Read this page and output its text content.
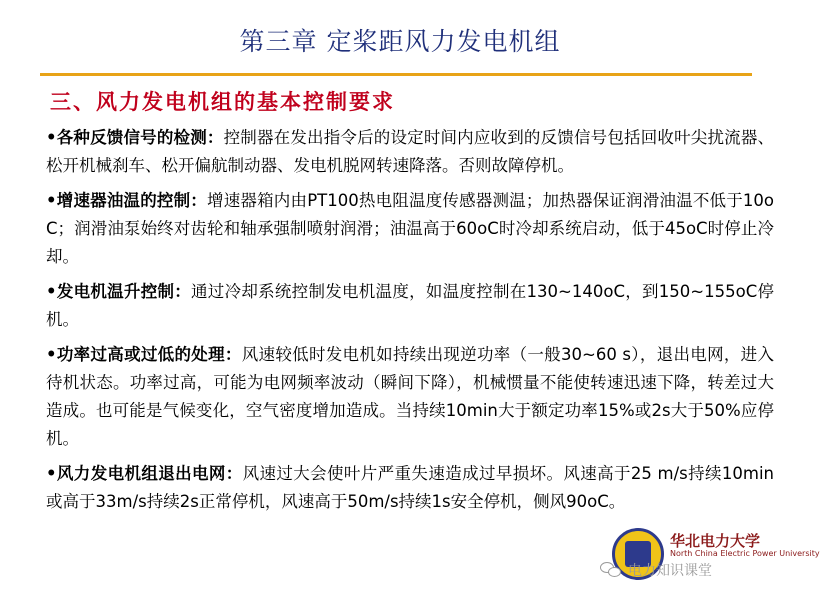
第三章 定桨距风力发电机组
三、风力发电机组的基本控制要求
•各种反馈信号的检测：控制器在发出指令后的设定时间内应收到的反馈信号包括回收叶尖扰流器、松开机械刹车、松开偏航制动器、发电机脱网转速降落。否则故障停机。
•增速器油温的控制：增速器箱内由PT100热电阻温度传感器测温；加热器保证润滑油温不低于10oC；润滑油泵始终对齿轮和轴承强制喷射润滑；油温高于60oC时冷却系统启动，低于45oC时停止冷却。
•发电机温升控制：通过冷却系统控制发电机温度，如温度控制在130~140oC，到150~155oC停机。
•功率过高或过低的处理：风速较低时发电机如持续出现逆功率（一般30~60 s），退出电网，进入待机状态。功率过高，可能为电网频率波动（瞬间下降），机械惯量不能使转速迅速下降，转差过大造成。也可能是气候变化，空气密度增加造成。当持续10min大于额定功率15%或2s大于50%应停机。
•风力发电机组退出电网：风速过大会使叶片严重失速造成过早损坏。风速高于25 m/s持续10min或高于33m/s持续2s正常停机，风速高于50m/s持续1s安全停机，侧风90oC。
华北电力大学
North China Electric Power University
电力知识课堂
